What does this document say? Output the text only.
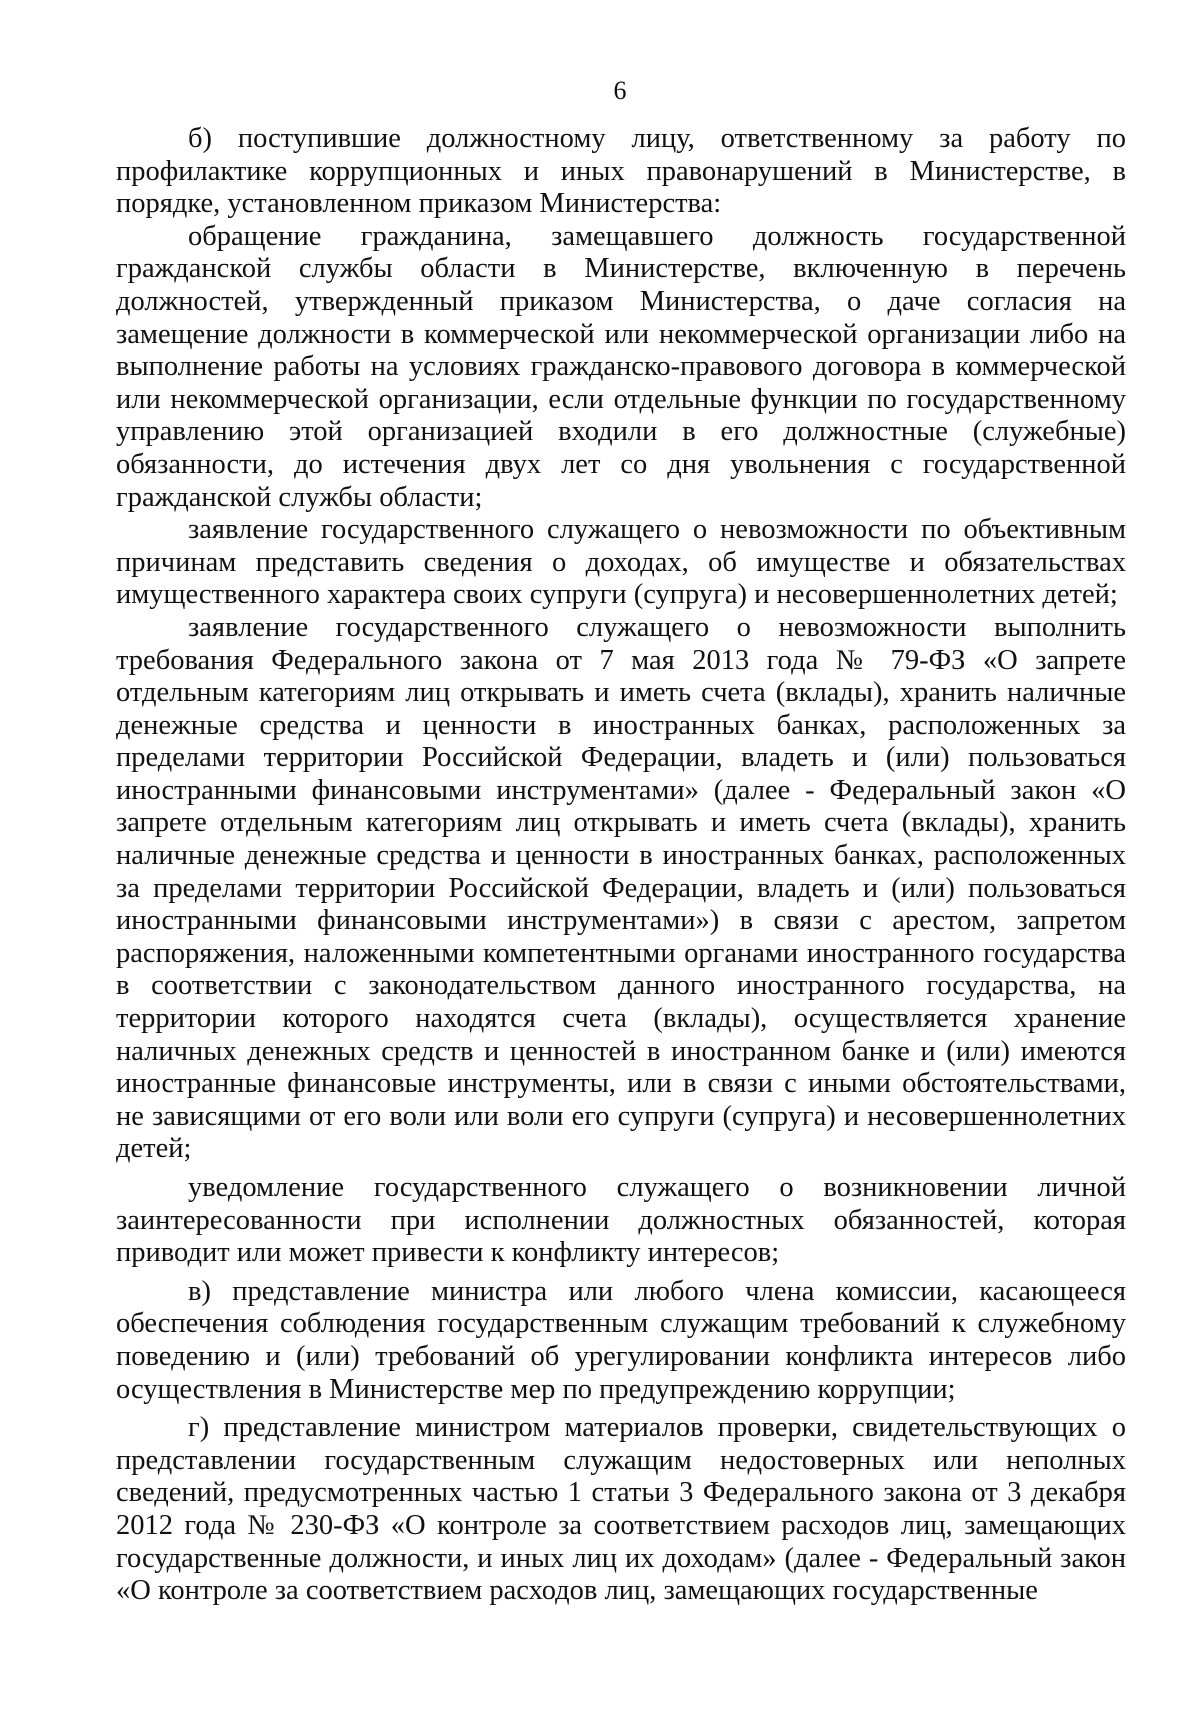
6

б) поступившие должностному лицу, ответственному за работу по профилактике коррупционных и иных правонарушений в Министерстве, в порядке, установленном приказом Министерства:

обращение гражданина, замещавшего должность государственной гражданской службы области в Министерстве, включенную в перечень должностей, утвержденный приказом Министерства, о даче согласия на замещение должности в коммерческой или некоммерческой организации либо на выполнение работы на условиях гражданско-правового договора в коммерческой или некоммерческой организации, если отдельные функции по государственному управлению этой организацией входили в его должностные (служебные) обязанности, до истечения двух лет со дня увольнения с государственной гражданской службы области;

заявление государственного служащего о невозможности по объективным причинам представить сведения о доходах, об имуществе и обязательствах имущественного характера своих супруги (супруга) и несовершеннолетних детей;

заявление государственного служащего о невозможности выполнить требования Федерального закона от 7 мая 2013 года № 79-ФЗ «О запрете отдельным категориям лиц открывать и иметь счета (вклады), хранить наличные денежные средства и ценности в иностранных банках, расположенных за пределами территории Российской Федерации, владеть и (или) пользоваться иностранными финансовыми инструментами» (далее - Федеральный закон «О запрете отдельным категориям лиц открывать и иметь счета (вклады), хранить наличные денежные средства и ценности в иностранных банках, расположенных за пределами территории Российской Федерации, владеть и (или) пользоваться иностранными финансовыми инструментами») в связи с арестом, запретом распоряжения, наложенными компетентными органами иностранного государства в соответствии с законодательством данного иностранного государства, на территории которого находятся счета (вклады), осуществляется хранение наличных денежных средств и ценностей в иностранном банке и (или) имеются иностранные финансовые инструменты, или в связи с иными обстоятельствами, не зависящими от его воли или воли его супруги (супруга) и несовершеннолетних детей;

уведомление государственного служащего о возникновении личной заинтересованности при исполнении должностных обязанностей, которая приводит или может привести к конфликту интересов;

в) представление министра или любого члена комиссии, касающееся обеспечения соблюдения государственным служащим требований к служебному поведению и (или) требований об урегулировании конфликта интересов либо осуществления в Министерстве мер по предупреждению коррупции;

г) представление министром материалов проверки, свидетельствующих о представлении государственным служащим недостоверных или неполных сведений, предусмотренных частью 1 статьи 3 Федерального закона от 3 декабря 2012 года № 230-ФЗ «О контроле за соответствием расходов лиц, замещающих государственные должности, и иных лиц их доходам» (далее - Федеральный закон «О контроле за соответствием расходов лиц, замещающих государственные
